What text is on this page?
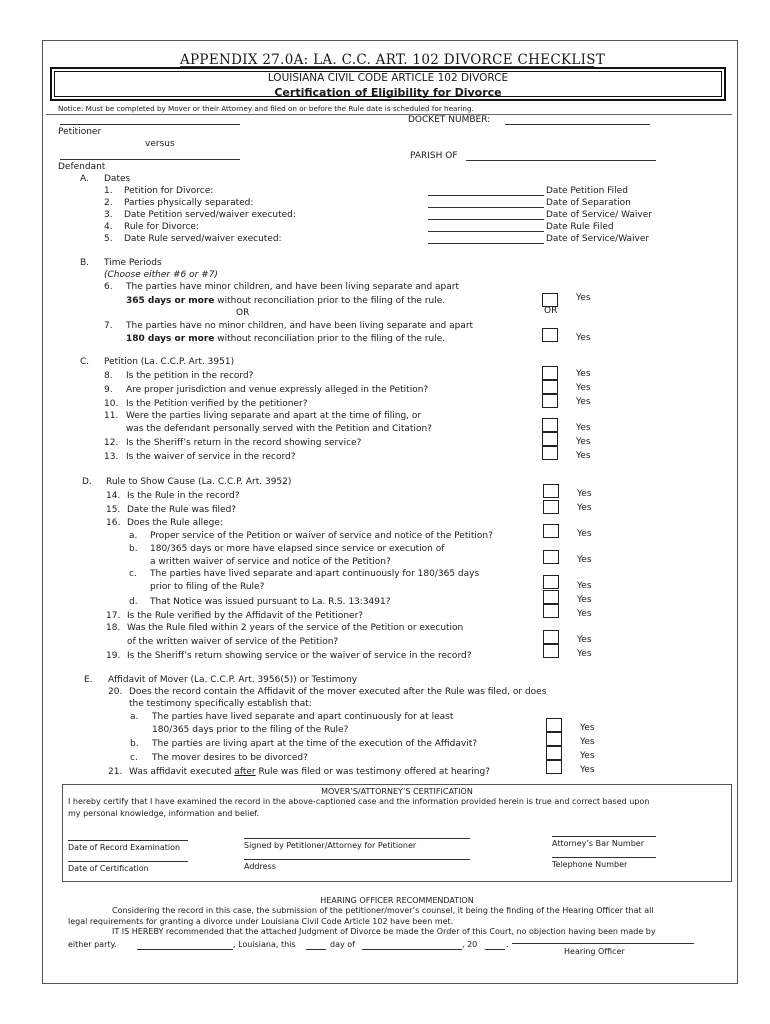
APPENDIX 27.0A: LA. C.C. ART. 102 DIVORCE CHECKLIST
LOUISIANA CIVIL CODE ARTICLE 102 DIVORCE
Certification of Eligibility for Divorce
Notice: Must be completed by Mover or their Attorney and filed on or before the Rule date is scheduled for hearing.
DOCKET NUMBER:
Petitioner
versus
PARISH OF
Defendant
A. Dates
1. Petition for Divorce:	Date Petition Filed
2. Parties physically separated:	Date of Separation
3. Date Petition served/waiver executed:	Date of Service/ Waiver
4. Rule for Divorce:	Date Rule Filed
5. Date Rule served/waiver executed:	Date of Service/Waiver
B. Time Periods
(Choose either #6 or #7)
6. The parties have minor children, and have been living separate and apart
365 days or more without reconciliation prior to the filing of the rule.	Yes
OR	OR
7. The parties have no minor children, and have been living separate and apart
180 days or more without reconciliation prior to the filing of the rule.	Yes
C. Petition (La. C.C.P. Art. 3951)
8. Is the petition in the record?	Yes
9. Are proper jurisdiction and venue expressly alleged in the Petition?	Yes
10. Is the Petition verified by the petitioner?	Yes
11. Were the parties living separate and apart at the time of filing, or
was the defendant personally served with the Petition and Citation?	Yes
12. Is the Sheriff’s return in the record showing service?	Yes
13. Is the waiver of service in the record?	Yes
D. Rule to Show Cause (La. C.C.P. Art. 3952)
14. Is the Rule in the record?	Yes
15. Date the Rule was filed?	Yes
16. Does the Rule allege:
a. Proper service of the Petition or waiver of service and notice of the Petition?	Yes
b. 180/365 days or more have elapsed since service or execution of
a written waiver of service and notice of the Petition?	Yes
c. The parties have lived separate and apart continuously for 180/365 days
prior to filing of the Rule?	Yes
d. That Notice was issued pursuant to La. R.S. 13:3491?	Yes
17. Is the Rule verified by the Affidavit of the Petitioner?	Yes
18. Was the Rule filed within 2 years of the service of the Petition or execution
of the written waiver of service of the Petition?	Yes
19. Is the Sheriff’s return showing service or the waiver of service in the record?	Yes
E. Affidavit of Mover (La. C.C.P. Art. 3956(5)) or Testimony
20. Does the record contain the Affidavit of the mover executed after the Rule was filed, or does
the testimony specifically establish that:
a. The parties have lived separate and apart continuously for at least
180/365 days prior to the filing of the Rule?	Yes
b. The parties are living apart at the time of the execution of the Affidavit?	Yes
c. The mover desires to be divorced?	Yes
21. Was affidavit executed after Rule was filed or was testimony offered at hearing?	Yes
MOVER’S/ATTORNEY’S CERTIFICATION
I hereby certify that I have examined the record in the above-captioned case and the information provided herein is true and correct based upon
my personal knowledge, information and belief.
Date of Record Examination	Signed by Petitioner/Attorney for Petitioner	Attorney’s Bar Number
Date of Certification	Address	Telephone Number
HEARING OFFICER RECOMMENDATION
Considering the record in this case, the submission of the petitioner/mover’s counsel, it being the finding of the Hearing Officer that all
legal requirements for granting a divorce under Louisiana Civil Code Article 102 have been met.
IT IS HEREBY recommended that the attached Judgment of Divorce be made the Order of this Court, no objection having been made by
either party.	, Louisiana, this	day of	, 20	.
Hearing Officer
